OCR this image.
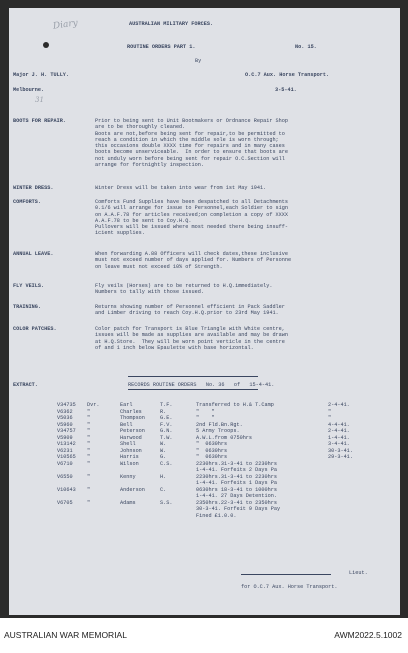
Diary
31
AUSTRALIAN MILITARY FORCES.
ROUTINE ORDERS PART 1.	No. 15.
By
Major J. H. TULLY.	O.C.7 Aux. Horse Transport.
Melbourne.	3-5-41.
BOOTS FOR REPAIR.	Prior to being sent to Unit Bootmakers or Ordnance Repair Shop
are to be thoroughly cleaned.
Boots are not,before being sent for repair,to be permitted to
reach a condition in which the middle sole is worn through;
this occasions double XXXX time for repairs and in many cases
boots become unserviceable.  In order to ensure that boots are
not unduly worn before being sent for repair O.C.Section will
arrange for fortnightly inspection.
WINTER DRESS.	Winter Dress will be taken into wear from 1st May 1941.
COMFORTS.	Comforts Fund Supplies have been despatched to all Detachments
0.1/6 will arrange for issue to Personnel,each Soldier to sign
on A.A.F.78 for articles received;on completion a copy of XXXX
A.A.F.78 to be sent to Coy.H.Q.
Pullovers will be issued where most needed there being insuff-
icient supplies.
ANNUAL LEAVE.	When forwarding A.88 Officers will check dates,these inclusive
must not exceed number of days applied for. Numbers of Personne
on leave must not exceed 10% of Strength.
FLY VEILS.	Fly veils (Horses) are to be returned to H.Q.immediately.
Numbers to tally with those issued.
TRAINING.	Returns showing number of Personnel efficient in Pack Saddler
and Limber driving to reach Coy.H.Q.prior to 23rd May 1941.
COLOR PATCHES.	Color patch for Transport is Blue Triangle with White centre,
issues will be made as supplies are available and may be drawn
at H.Q.Store.  They will be worn point verticle in the centre
of and 1 inch below Epaulette with base horizontal.
EXTRACT.	RECORDS ROUTINE ORDERS   No. 36   of   15-4-41.
V34735 Dvr.	Earl	T.F.	Transferred to H.& T.Camp	2-4-41.
V6362	"	Charles	R.	"    "	"
V5036	"	Thompson	G.E.	"    "	"
V5960	"	Bell	F.V.	2nd Fld.Bn.Rgt.	4-4-41.
V34757 "	Peterson	G.N.	5 Army Troops.	2-4-41.
V5909	"	Harwood	T.W.	A.W.L.from 0750hrs	1-4-41.
V13142 "	Shell	W.	"  0630hrs	3-4-41.
V6231	"	Johnson	W.	"  0630hrs	30-3-41.
V10565 "	Harris	G.	"  0630hrs	29-3-41.
V6710	"	Wilson	C.S.	2230hrs.31-3-41 to 2230hrs
1-4-41. Forfeits 2 Days Pa
V6550	"	Kenny	H.	2230hrs.31-3-41 to 2230hrs
1-4-41. Forfeits 1 Days Pa
V10643 "	Anderson	C.	0630hrs 18-3-41 to 1000hrs
1-4-41. 27 Days Detention.
V6705	"	Adams	S.S.	2350hrs.22-3-41 to 2350hrs
30-3-41. Forfeit 9 Days Pay
Fined £1.0.0.
Lieut.
for O.C.7 Aux. Horse Transport.
AUSTRALIAN WAR MEMORIAL	AWM2022.5.1002
